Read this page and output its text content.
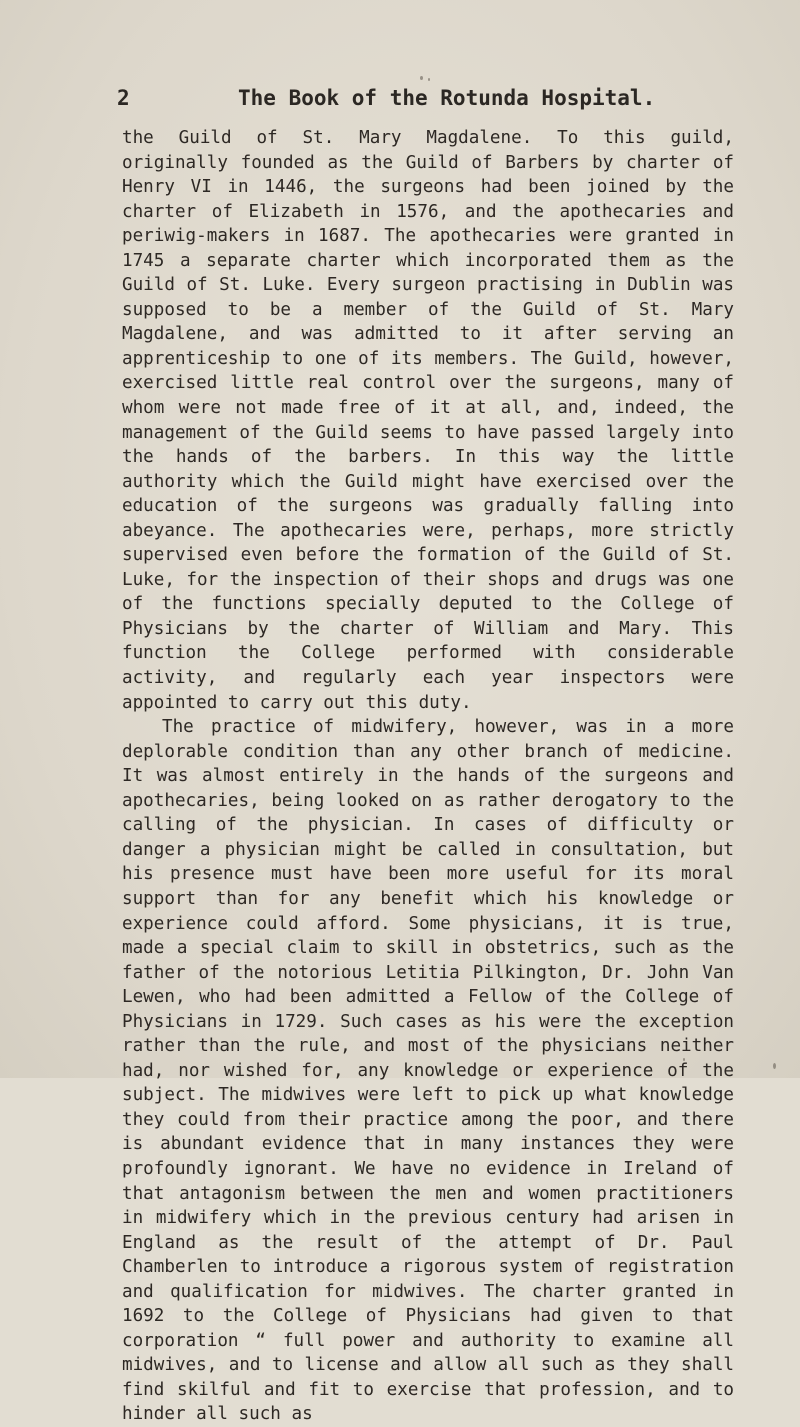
2	The Book of the Rotunda Hospital.

the Guild of St. Mary Magdalene. To this guild, originally founded as the Guild of Barbers by charter of Henry VI in 1446, the surgeons had been joined by the charter of Elizabeth in 1576, and the apothecaries and periwig-makers in 1687. The apothecaries were granted in 1745 a separate charter which incorporated them as the Guild of St. Luke. Every surgeon practising in Dublin was supposed to be a member of the Guild of St. Mary Magdalene, and was admitted to it after serving an apprenticeship to one of its members. The Guild, however, exercised little real control over the surgeons, many of whom were not made free of it at all, and, indeed, the management of the Guild seems to have passed largely into the hands of the barbers. In this way the little authority which the Guild might have exercised over the education of the surgeons was gradually falling into abeyance. The apothecaries were, perhaps, more strictly supervised even before the formation of the Guild of St. Luke, for the inspection of their shops and drugs was one of the functions specially deputed to the College of Physicians by the charter of William and Mary. This function the College performed with considerable activity, and regularly each year inspectors were appointed to carry out this duty.

The practice of midwifery, however, was in a more deplorable condition than any other branch of medicine. It was almost entirely in the hands of the surgeons and apothecaries, being looked on as rather derogatory to the calling of the physician. In cases of difficulty or danger a physician might be called in consultation, but his presence must have been more useful for its moral support than for any benefit which his knowledge or experience could afford. Some physicians, it is true, made a special claim to skill in obstetrics, such as the father of the notorious Letitia Pilkington, Dr. John Van Lewen, who had been admitted a Fellow of the College of Physicians in 1729. Such cases as his were the exception rather than the rule, and most of the physicians neither had, nor wished for, any knowledge or experience of the subject. The midwives were left to pick up what knowledge they could from their practice among the poor, and there is abundant evidence that in many instances they were profoundly ignorant. We have no evidence in Ireland of that antagonism between the men and women practitioners in midwifery which in the previous century had arisen in England as the result of the attempt of Dr. Paul Chamberlen to introduce a rigorous system of registration and qualification for midwives. The charter granted in 1692 to the College of Physicians had given to that corporation “ full power and authority to examine all midwives, and to license and allow all such as they shall find skilful and fit to exercise that profession, and to hinder all such as
